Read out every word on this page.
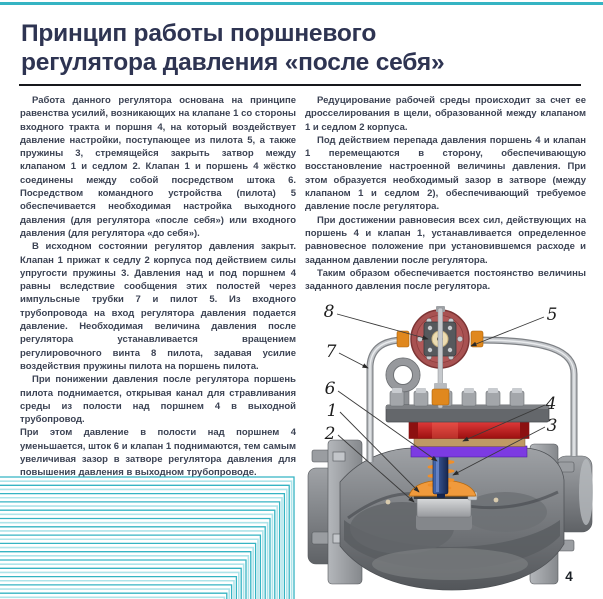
Принцип работы поршневого
регулятора давления «после себя»

Работа данного регулятора основана на принципе равенства усилий, возникающих на клапане 1 со стороны входного тракта и поршня 4, на который воздействует давление настройки, поступающее из пилота 5, а также пружины 3, стремящейся закрыть затвор между клапаном 1 и седлом 2. Клапан 1 и поршень 4 жёстко соединены между собой посредством штока 6. Посредством командного устройства (пилота) 5 обеспечивается необходимая настройка выходного давления (для регулятора «после себя») или входного давления (для регулятора «до себя»).

В исходном состоянии регулятор давления закрыт. Клапан 1 прижат к седлу 2 корпуса под действием силы упругости пружины 3. Давления над и под поршнем 4 равны вследствие сообщения этих полостей через импульсные трубки 7 и пилот 5. Из входного трубопровода на вход регулятора давления подается давление. Необходимая величина давления после регулятора устанавливается вращением регулировочного винта 8 пилота, задавая усилие воздействия пружины пилота на поршень пилота.

При понижении давления после регулятора поршень пилота поднимается, открывая канал для стравливания среды из полости над поршнем 4 в выходной трубопровод.

При этом давление в полости над поршнем 4 уменьшается, шток 6 и клапан 1 поднимаются, тем самым увеличивая зазор в затворе регулятора давления для повышения давления в выходном трубопроводе.

Редуцирование рабочей среды происходит за счет ее дросселирования в щели, образованной между клапаном 1 и седлом 2 корпуса.

Под действием перепада давления поршень 4 и клапан 1 перемещаются в сторону, обеспечивающую восстановление настроенной величины давления. При этом образуется необходимый зазор в затворе (между клапаном 1 и седлом 2), обеспечивающий требуемое давление после регулятора.

При достижении равновесия всех сил, действующих на поршень 4 и клапан 1, устанавливается определенное равновесное положение при установившемся расходе и заданном давлении после регулятора.

Таким образом обеспечивается постоянство величины заданного давления после регулятора.

8	5
7
6
1
2
4
3
4
